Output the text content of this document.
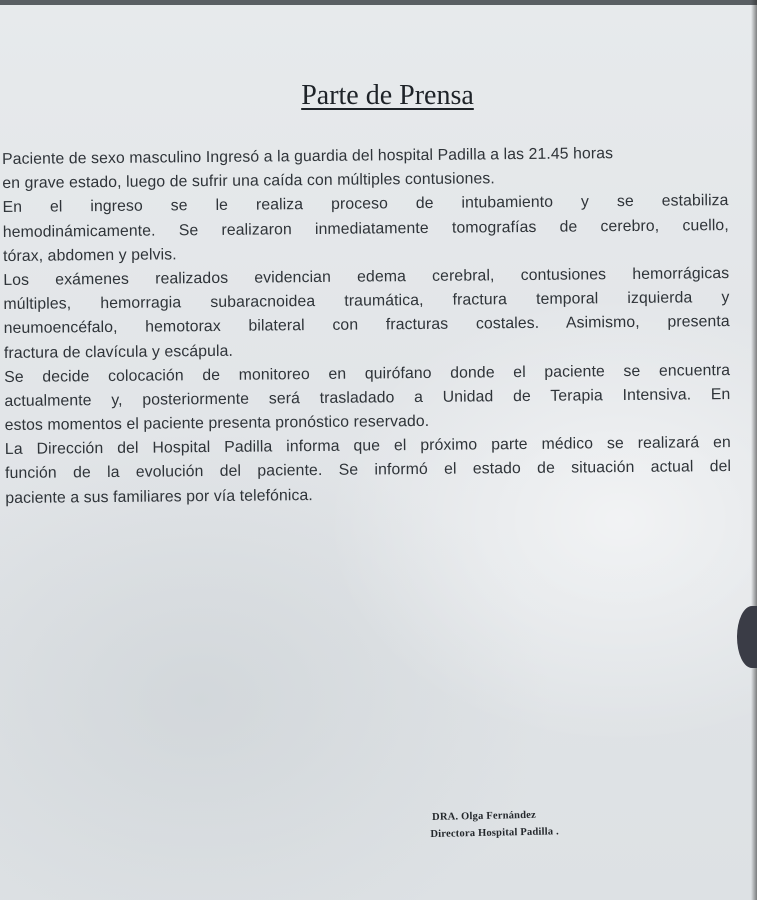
Parte de Prensa
Paciente de sexo masculino Ingresó a la guardia del hospital Padilla a las 21.45 horas
en grave estado, luego de sufrir una caída con múltiples contusiones.
En el ingreso se le realiza proceso de intubamiento y se estabiliza
hemodinámicamente. Se realizaron inmediatamente tomografías de cerebro, cuello,
tórax, abdomen y pelvis.
Los exámenes realizados evidencian edema cerebral, contusiones hemorrágicas
múltiples, hemorragia subaracnoidea traumática, fractura temporal izquierda y
neumoencéfalo, hemotorax bilateral con fracturas costales. Asimismo, presenta
fractura de clavícula y escápula.
Se decide colocación de monitoreo en quirófano donde el paciente se encuentra
actualmente y, posteriormente será trasladado a Unidad de Terapia Intensiva. En
estos momentos el paciente presenta pronóstico reservado.
La Dirección del Hospital Padilla informa que el próximo parte médico se realizará en
función de la evolución del paciente. Se informó el estado de situación actual del
paciente a sus familiares por vía telefónica.
DRA. Olga Fernández
Directora Hospital Padilla .
